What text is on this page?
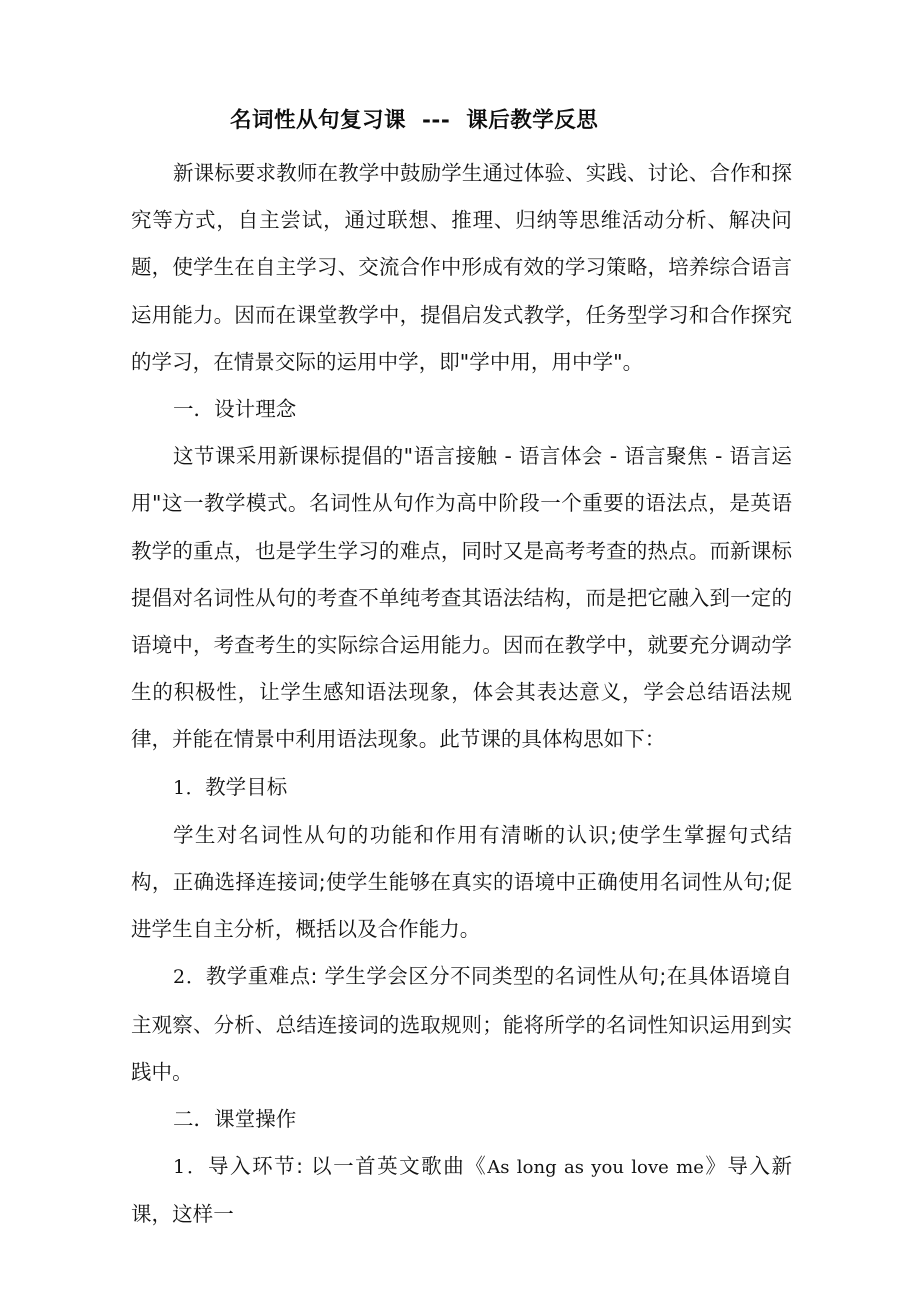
名词性从句复习课  ---  课后教学反思

新课标要求教师在教学中鼓励学生通过体验、实践、讨论、合作和探究等方式，自主尝试，通过联想、推理、归纳等思维活动分析、解决问题，使学生在自主学习、交流合作中形成有效的学习策略，培养综合语言运用能力。因而在课堂教学中，提倡启发式教学，任务型学习和合作探究的学习，在情景交际的运用中学，即"学中用，用中学"。

一．设计理念

这节课采用新课标提倡的"语言接触 - 语言体会 - 语言聚焦 - 语言运用"这一教学模式。名词性从句作为高中阶段一个重要的语法点，是英语教学的重点，也是学生学习的难点，同时又是高考考查的热点。而新课标提倡对名词性从句的考查不单纯考查其语法结构，而是把它融入到一定的语境中，考查考生的实际综合运用能力。因而在教学中，就要充分调动学生的积极性，让学生感知语法现象，体会其表达意义，学会总结语法规律，并能在情景中利用语法现象。此节课的具体构思如下：

1．教学目标

学生对名词性从句的功能和作用有清晰的认识;使学生掌握句式结构，正确选择连接词;使学生能够在真实的语境中正确使用名词性从句;促进学生自主分析，概括以及合作能力。

2．教学重难点: 学生学会区分不同类型的名词性从句;在具体语境自主观察、分析、总结连接词的选取规则；能将所学的名词性知识运用到实践中。

二．课堂操作

1．导入环节: 以一首英文歌曲《As long as you love me》导入新课，这样一
